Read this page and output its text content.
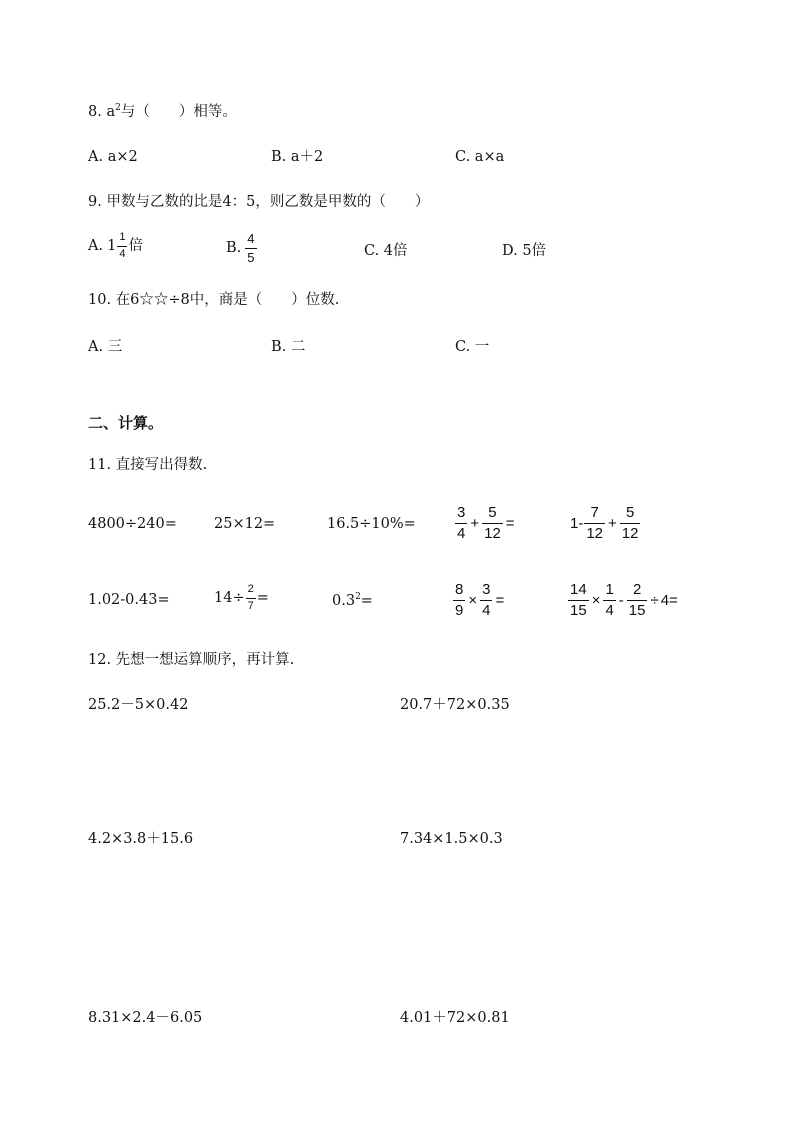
8. $a^2$与（　　）相等。
A. a×2	B. a＋2	C. a×a
9. 甲数与乙数的比是4：5，则乙数是甲数的（　　）
A. $1 \frac{1}{4}$ 倍	B. $\frac{4}{5}$	C. 4倍	D. 5倍
10. 在6☆☆÷8中，商是（　　）位数.
A. 三	B. 二	C. 一
二、计算。
11. 直接写出得数.
4800÷240=	25×12=	16.5÷10%=	$\frac{3}{4} + \frac{5}{12}$ =	$1- \frac{7}{12} + \frac{5}{12}$
1.02-0.43=	$14\div \frac{2}{7}$ =	$0.3^2=$	$\frac{8}{9} \times \frac{3}{4}$ =	$\frac{14}{15} \times \frac{1}{4} - \frac{2}{15} \div 4=$
12. 先想一想运算顺序，再计算.
25.2－5×0.42	20.7＋72×0.35
4.2×3.8＋15.6	7.34×1.5×0.3
8.31×2.4－6.05	4.01＋72×0.81
